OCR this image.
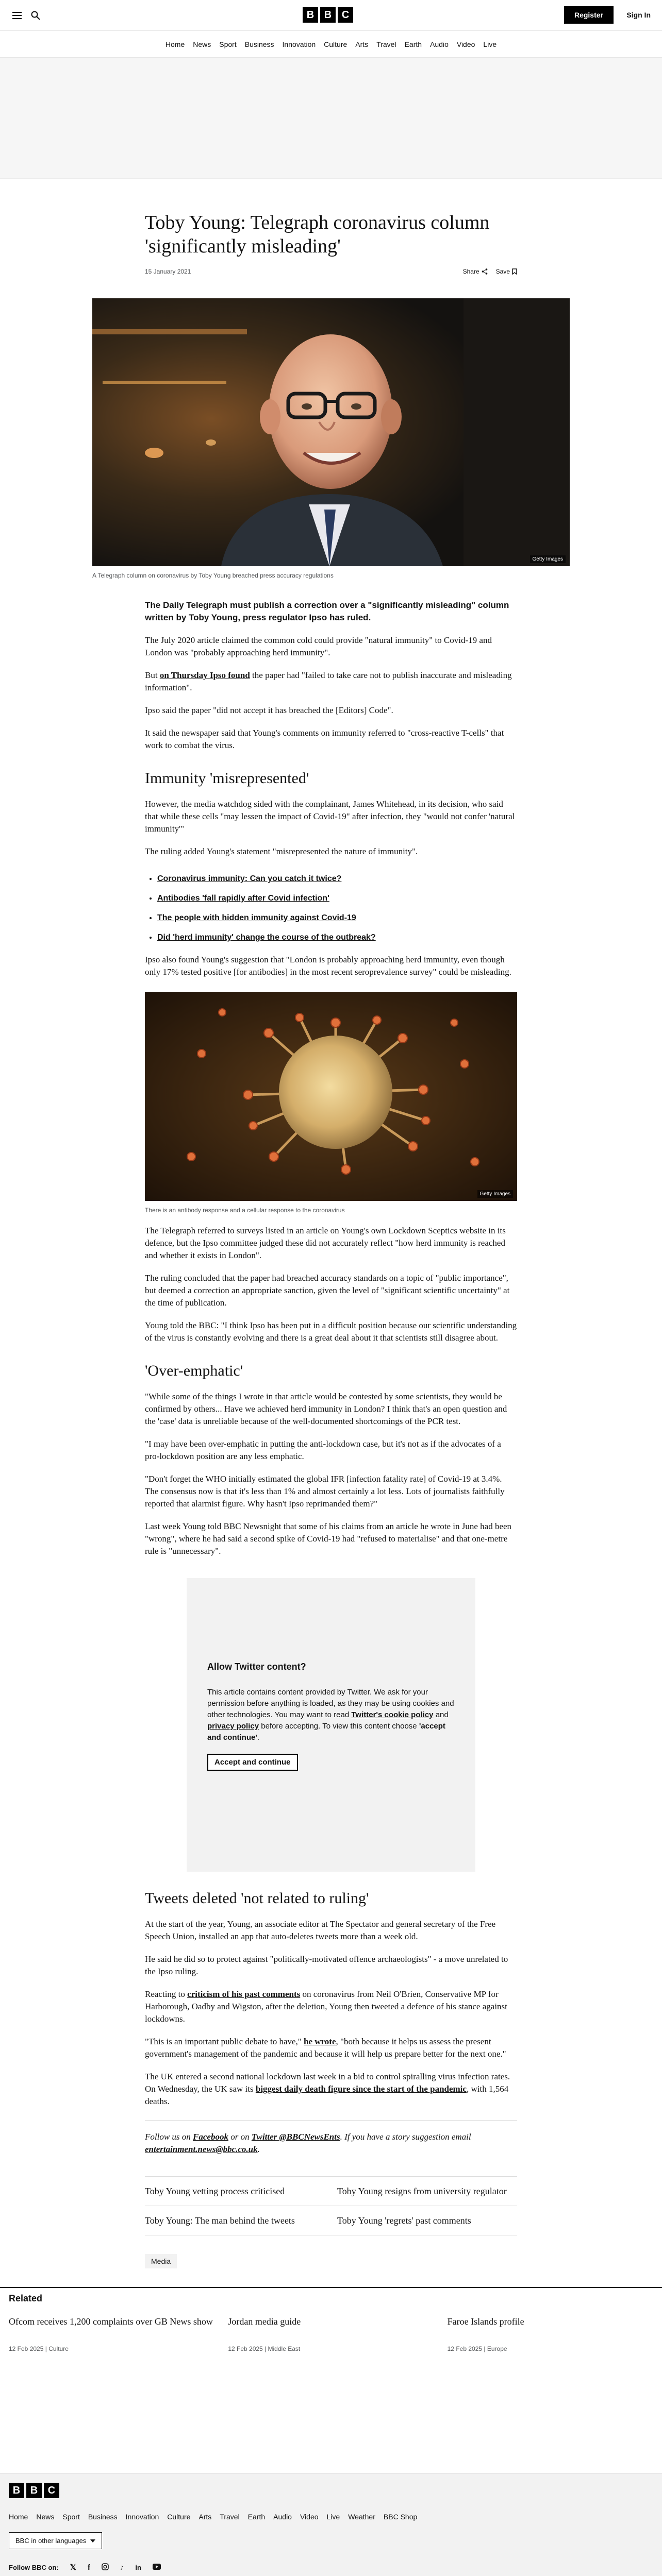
B B C	Register	Sign In
Home News Sport Business Innovation Culture Arts Travel Earth Audio Video Live
Toby Young: Telegraph coronavirus column 'significantly misleading'
15 January 2021	Share	Save
Getty Images
A Telegraph column on coronavirus by Toby Young breached press accuracy regulations

The Daily Telegraph must publish a correction over a "significantly misleading" column written by Toby Young, press regulator Ipso has ruled.

The July 2020 article claimed the common cold could provide "natural immunity" to Covid-19 and London was "probably approaching herd immunity".

But on Thursday Ipso found the paper had "failed to take care not to publish inaccurate and misleading information".

Ipso said the paper "did not accept it has breached the [Editors] Code".

It said the newspaper said that Young's comments on immunity referred to "cross-reactive T-cells" that work to combat the virus.

Immunity 'misrepresented'

However, the media watchdog sided with the complainant, James Whitehead, in its decision, who said that while these cells "may lessen the impact of Covid-19" after infection, they "would not confer 'natural immunity'"

The ruling added Young's statement "misrepresented the nature of immunity".

• Coronavirus immunity: Can you catch it twice?
• Antibodies 'fall rapidly after Covid infection'
• The people with hidden immunity against Covid-19
• Did 'herd immunity' change the course of the outbreak?

Ipso also found Young's suggestion that "London is probably approaching herd immunity, even though only 17% tested positive [for antibodies] in the most recent seroprevalence survey" could be misleading.

Getty Images
There is an antibody response and a cellular response to the coronavirus

The Telegraph referred to surveys listed in an article on Young's own Lockdown Sceptics website in its defence, but the Ipso committee judged these did not accurately reflect "how herd immunity is reached and whether it exists in London".

The ruling concluded that the paper had breached accuracy standards on a topic of "public importance", but deemed a correction an appropriate sanction, given the level of "significant scientific uncertainty" at the time of publication.

Young told the BBC: "I think Ipso has been put in a difficult position because our scientific understanding of the virus is constantly evolving and there is a great deal about it that scientists still disagree about.

'Over-emphatic'

"While some of the things I wrote in that article would be contested by some scientists, they would be confirmed by others... Have we achieved herd immunity in London? I think that's an open question and the 'case' data is unreliable because of the well-documented shortcomings of the PCR test.

"I may have been over-emphatic in putting the anti-lockdown case, but it's not as if the advocates of a pro-lockdown position are any less emphatic.

"Don't forget the WHO initially estimated the global IFR [infection fatality rate] of Covid-19 at 3.4%. The consensus now is that it's less than 1% and almost certainly a lot less. Lots of journalists faithfully reported that alarmist figure. Why hasn't Ipso reprimanded them?"

Last week Young told BBC Newsnight that some of his claims from an article he wrote in June had been "wrong", where he had said a second spike of Covid-19 had "refused to materialise" and that one-metre rule is "unnecessary".

Allow Twitter content?

This article contains content provided by Twitter. We ask for your permission before anything is loaded, as they may be using cookies and other technologies. You may want to read Twitter's cookie policy and privacy policy before accepting. To view this content choose 'accept and continue'.

Accept and continue
Tweets deleted 'not related to ruling'

At the start of the year, Young, an associate editor at The Spectator and general secretary of the Free Speech Union, installed an app that auto-deletes tweets more than a week old.

He said he did so to protect against "politically-motivated offence archaeologists" - a move unrelated to the Ipso ruling.

Reacting to criticism of his past comments on coronavirus from Neil O'Brien, Conservative MP for Harborough, Oadby and Wigston, after the deletion, Young then tweeted a defence of his stance against lockdowns.

"This is an important public debate to have," he wrote, "both because it helps us assess the present government's management of the pandemic and because it will help us prepare better for the next one."

The UK entered a second national lockdown last week in a bid to control spiralling virus infection rates. On Wednesday, the UK saw its biggest daily death figure since the start of the pandemic, with 1,564 deaths.

Follow us on Facebook or on Twitter @BBCNewsEnts. If you have a story suggestion email entertainment.news@bbc.co.uk.

Toby Young vetting process criticised	Toby Young resigns from university regulator
Toby Young: The man behind the tweets	Toby Young 'regrets' past comments
Media
Related
Ofcom receives 1,200 complaints over GB News show
12 Feb 2025 | Culture
Jordan media guide
12 Feb 2025 | Middle East
Faroe Islands profile
12 Feb 2025 | Europe
B B C
Home News Sport Business Innovation Culture Arts Travel Earth Audio Video Live Weather BBC Shop
BBC in other languages
Follow BBC on: 𝕏 f	♪ in
